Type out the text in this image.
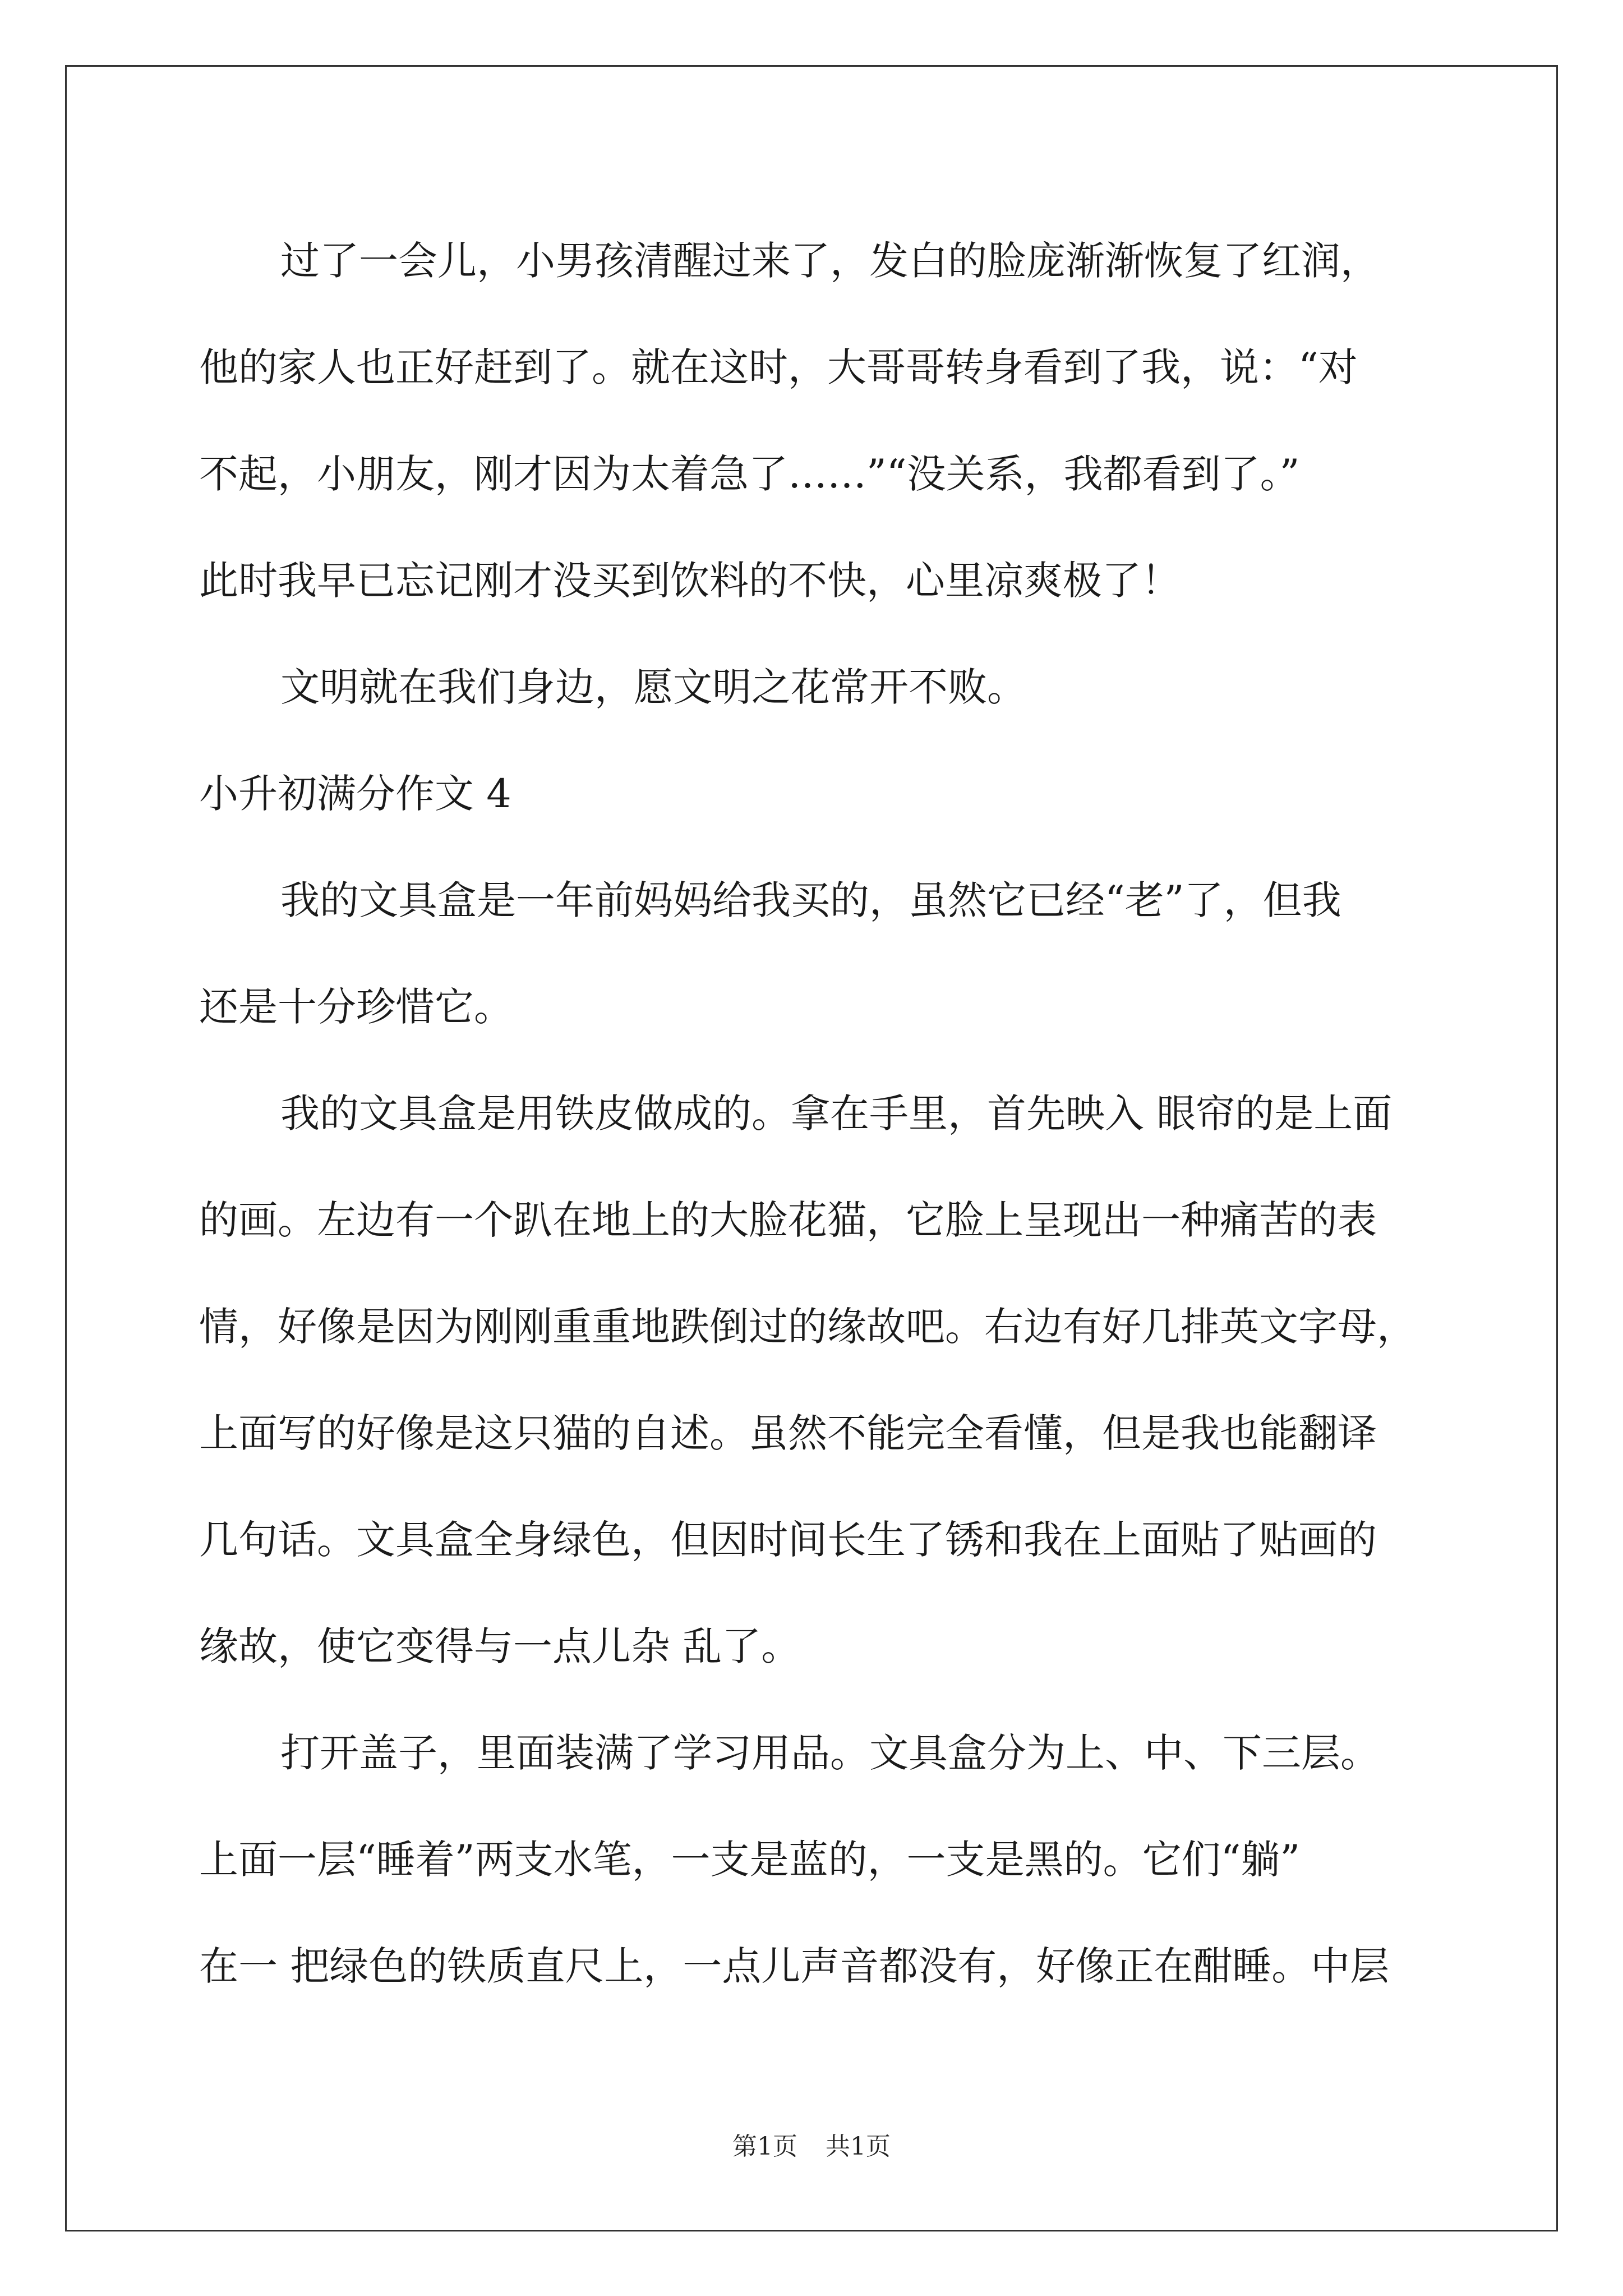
过了一会儿，小男孩清醒过来了，发白的脸庞渐渐恢复了红润，
他的家人也正好赶到了。就在这时，大哥哥转身看到了我，说：“对
不起，小朋友，刚才因为太着急了……”“没关系，我都看到了。”
此时我早已忘记刚才没买到饮料的不快，心里凉爽极了！
文明就在我们身边，愿文明之花常开不败。
小升初满分作文 4
我的文具盒是一年前妈妈给我买的，虽然它已经“老”了，但我
还是十分珍惜它。
我的文具盒是用铁皮做成的。拿在手里，首先映入 眼帘的是上面
的画。左边有一个趴在地上的大脸花猫，它脸上呈现出一种痛苦的表
情，好像是因为刚刚重重地跌倒过的缘故吧。右边有好几排英文字母，
上面写的好像是这只猫的自述。虽然不能完全看懂，但是我也能翻译
几句话。文具盒全身绿色，但因时间长生了锈和我在上面贴了贴画的
缘故，使它变得与一点儿杂 乱了。
打开盖子，里面装满了学习用品。文具盒分为上、中、下三层。
上面一层“睡着”两支水笔，一支是蓝的，一支是黑的。它们“躺”
在一 把绿色的铁质直尺上，一点儿声音都没有，好像正在酣睡。中层
第1页 共1页
